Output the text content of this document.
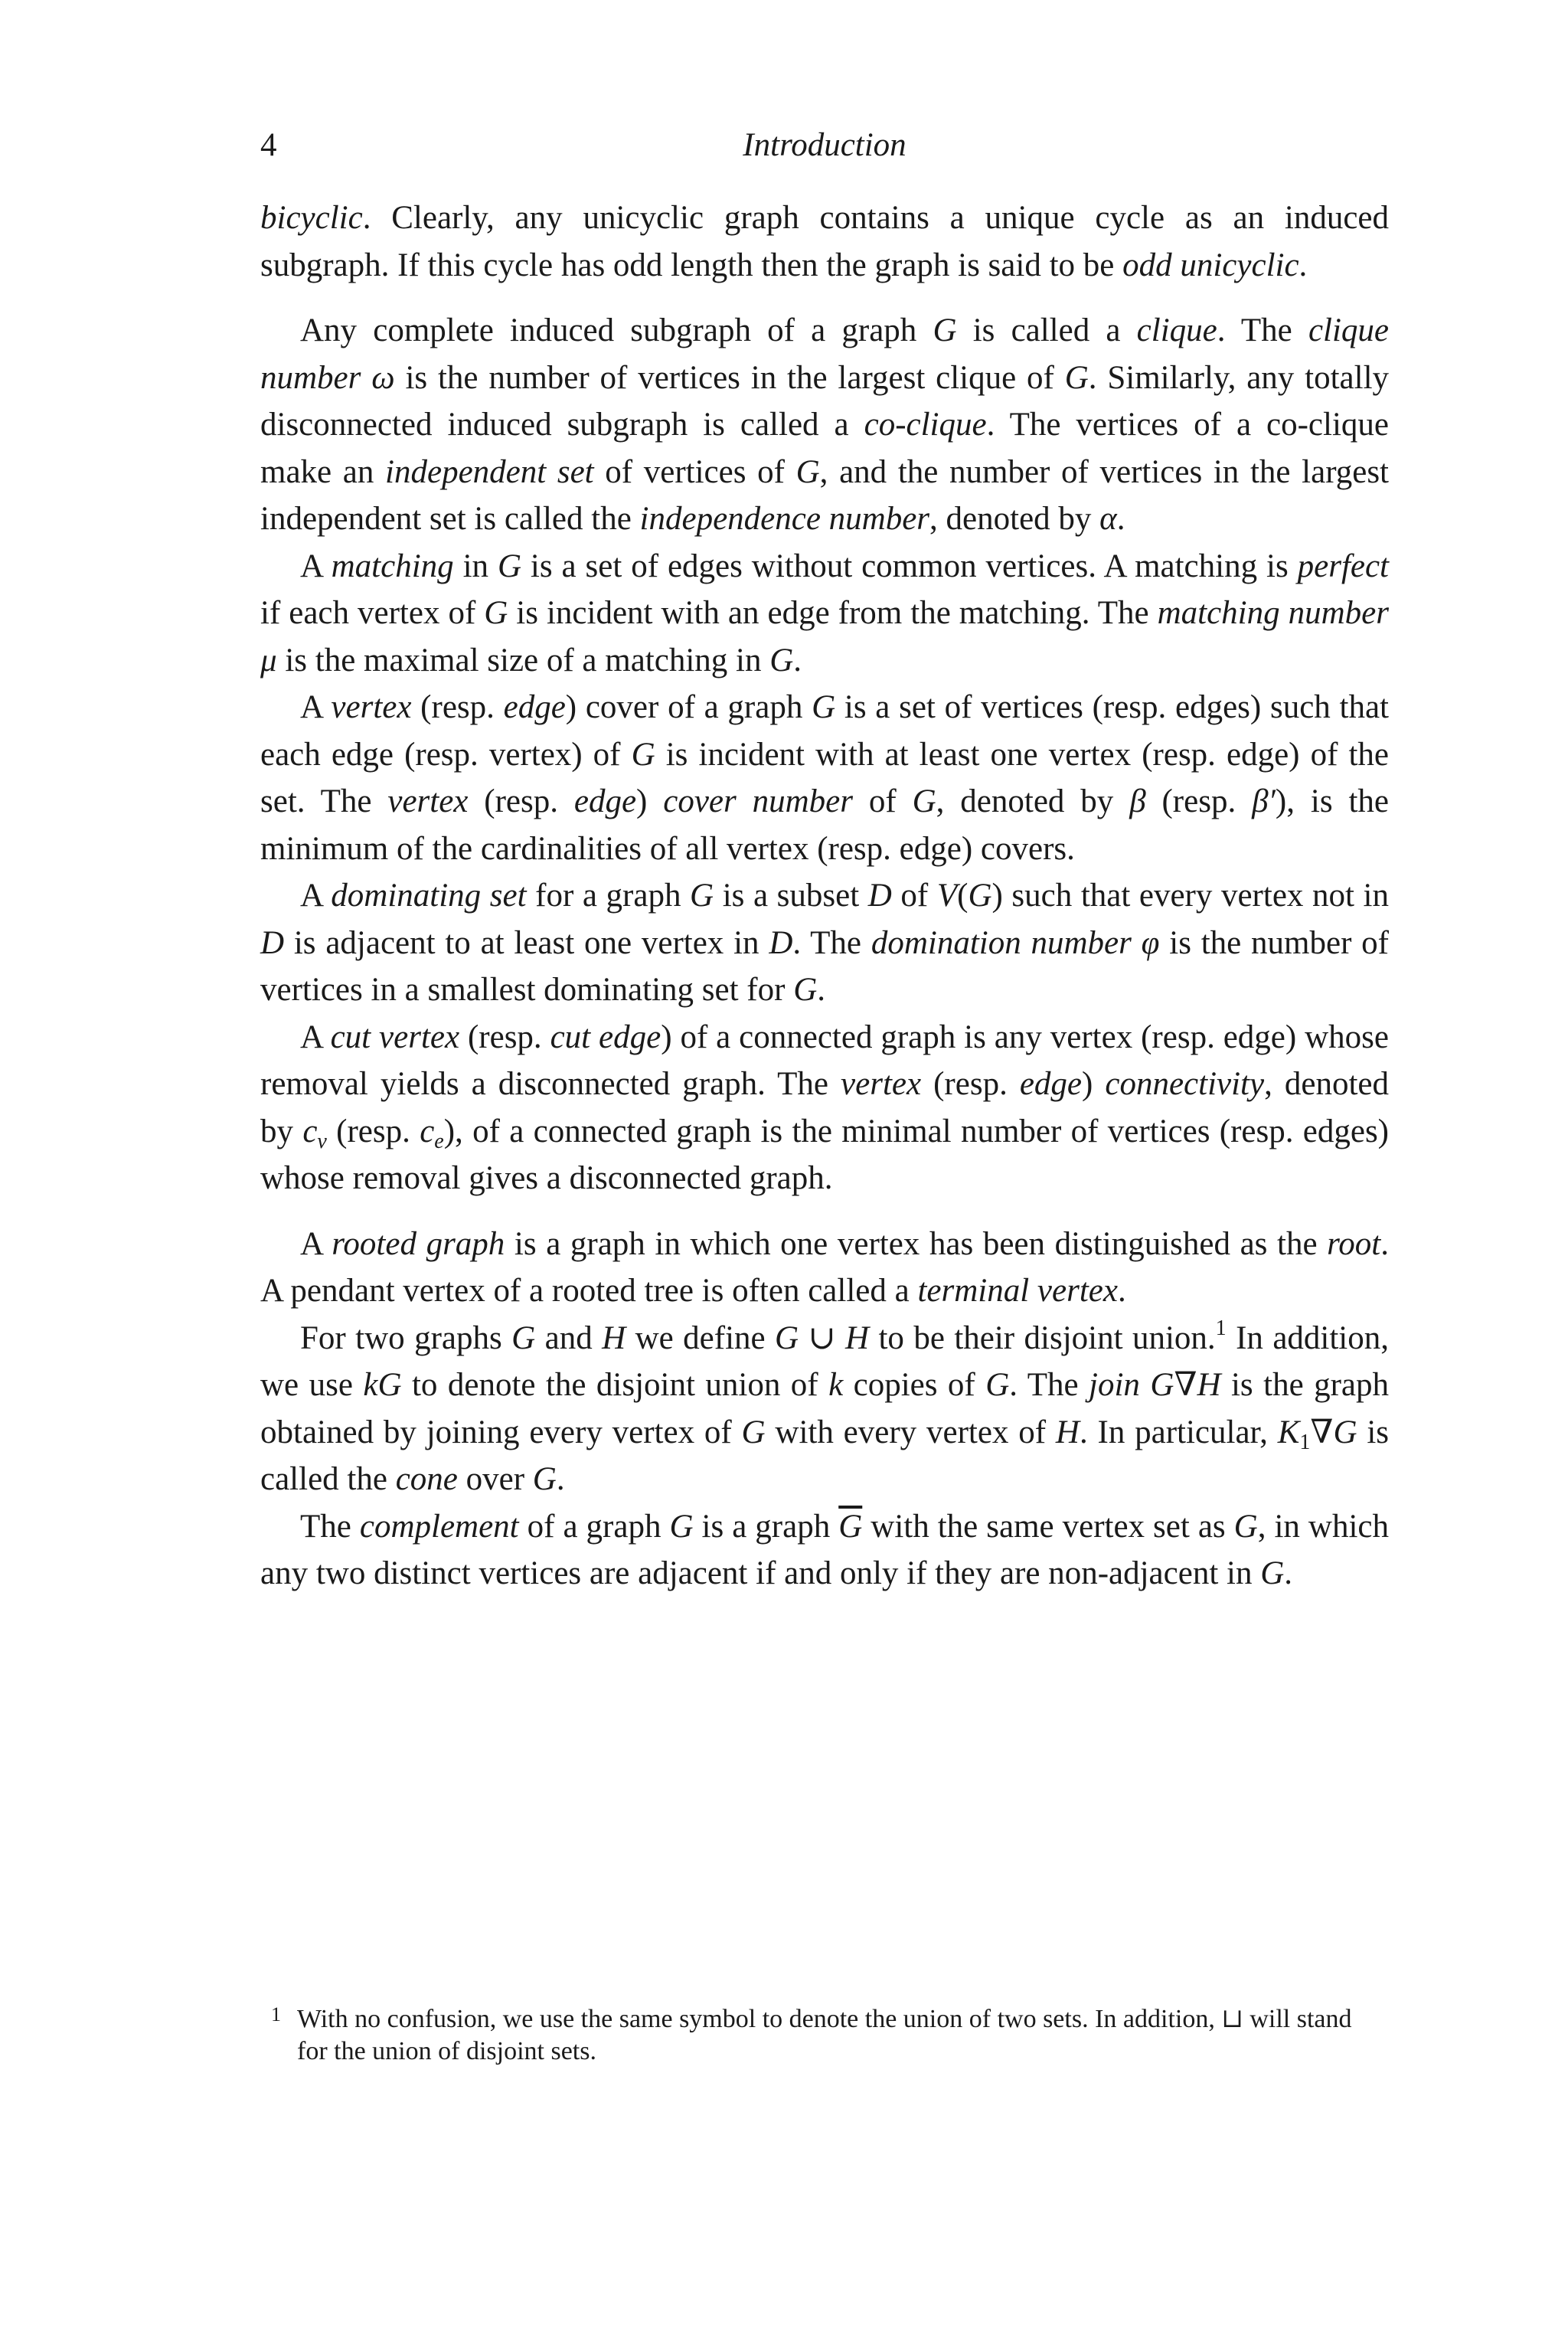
4	Introduction

bicyclic. Clearly, any unicyclic graph contains a unique cycle as an induced subgraph. If this cycle has odd length then the graph is said to be odd unicyclic.

Any complete induced subgraph of a graph G is called a clique. The clique number ω is the number of vertices in the largest clique of G. Similarly, any totally disconnected induced subgraph is called a co-clique. The vertices of a co-clique make an independent set of vertices of G, and the number of vertices in the largest independent set is called the independence number, denoted by α.

A matching in G is a set of edges without common vertices. A matching is perfect if each vertex of G is incident with an edge from the matching. The matching number μ is the maximal size of a matching in G.

A vertex (resp. edge) cover of a graph G is a set of vertices (resp. edges) such that each edge (resp. vertex) of G is incident with at least one vertex (resp. edge) of the set. The vertex (resp. edge) cover number of G, denoted by β (resp. β′), is the minimum of the cardinalities of all vertex (resp. edge) covers.

A dominating set for a graph G is a subset D of V(G) such that every vertex not in D is adjacent to at least one vertex in D. The domination number φ is the number of vertices in a smallest dominating set for G.

A cut vertex (resp. cut edge) of a connected graph is any vertex (resp. edge) whose removal yields a disconnected graph. The vertex (resp. edge) connectivity, denoted by $c_v$ (resp. $c_e$), of a connected graph is the minimal number of vertices (resp. edges) whose removal gives a disconnected graph.

A rooted graph is a graph in which one vertex has been distinguished as the root. A pendant vertex of a rooted tree is often called a terminal vertex.

For two graphs G and H we define G ∪ H to be their disjoint union.$^1$ In addition, we use kG to denote the disjoint union of k copies of G. The join G∇H is the graph obtained by joining every vertex of G with every vertex of H. In particular, $K_1\nabla G$ is called the cone over G.

The complement of a graph G is a graph $\overline{G}$ with the same vertex set as G, in which any two distinct vertices are adjacent if and only if they are non-adjacent in G.

1 With no confusion, we use the same symbol to denote the union of two sets. In addition, ⊔ will stand for the union of disjoint sets.
